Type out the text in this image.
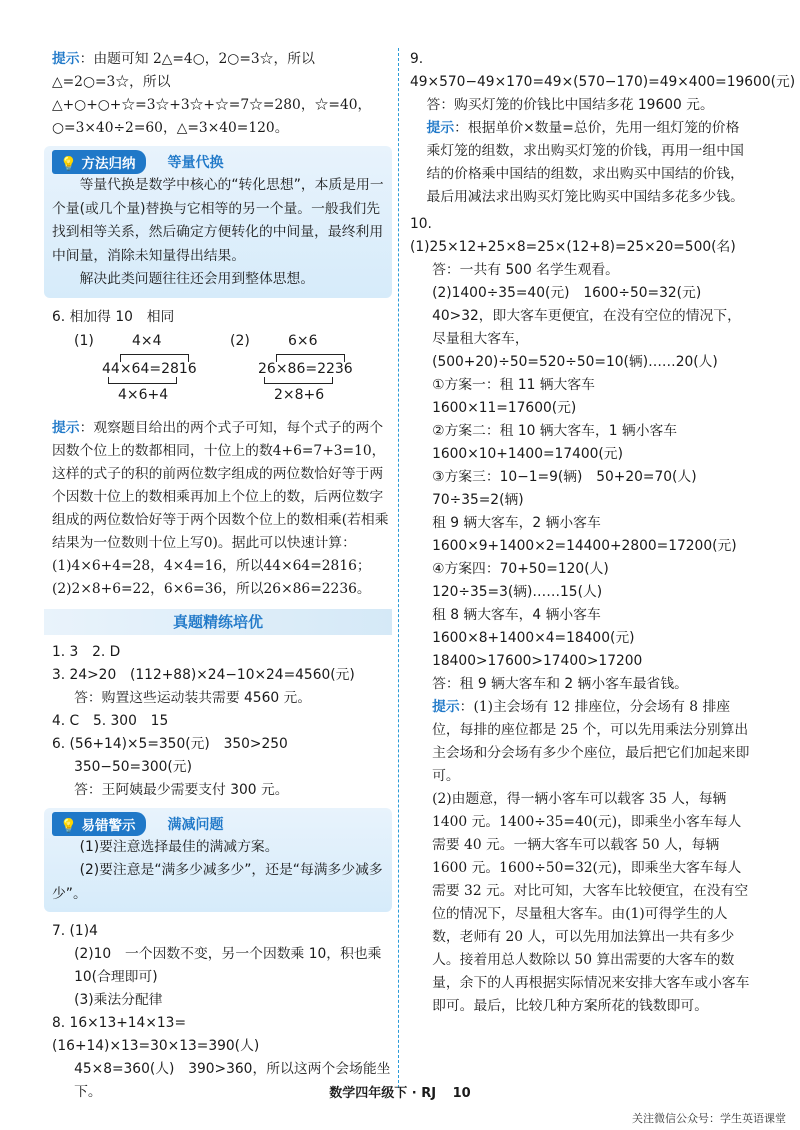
提示：由题可知 2△=4○，2○=3☆，所以△=2○=3☆，所以△+○+○+☆=3☆+3☆+☆=7☆=280，☆=40，○=3×40÷2=60，△=3×40=120。

💡 方法归纳	等量代换

等量代换是数学中核心的“转化思想”，本质是用一个量(或几个量)替换与它相等的另一个量。一般我们先找到相等关系，然后确定方便转化的中间量，最终利用中间量，消除未知量得出结果。

解决此类问题往往还会用到整体思想。

6. 相加得 10　相同

(1)	4×4
44×64=2816
4×6+4
(2)	6×6
26×86=2236
2×8+6

提示：观察题目给出的两个式子可知，每个式子的两个因数个位上的数都相同，十位上的数4+6=7+3=10，这样的式子的积的前两位数字组成的两位数恰好等于两个因数十位上的数相乘再加上个位上的数，后两位数字组成的两位数恰好等于两个因数个位上的数相乘(若相乘结果为一位数则十位上写0)。据此可以快速计算：(1)4×6+4=28，4×4=16，所以44×64=2816；(2)2×8+6=22，6×6=36，所以26×86=2236。

真题精练培优

1. 3　2. D

3. 24>20　(112+88)×24−10×24=4560(元)

答：购置这些运动装共需要 4560 元。

4. C　5. 300　15

6. (56+14)×5=350(元)　350>250

350−50=300(元)

答：王阿姨最少需要支付 300 元。

💡 易错警示	满减问题

(1)要注意选择最佳的满减方案。

(2)要注意是“满多少减多少”，还是“每满多少减多少”。

7. (1)4

(2)10　一个因数不变，另一个因数乘 10，积也乘 10(合理即可)

(3)乘法分配律

8. 16×13+14×13=(16+14)×13=30×13=390(人)

45×8=360(人)　390>360，所以这两个会场能坐下。

9. 49×570−49×170=49×(570−170)=49×400=19600(元)

答：购买灯笼的价钱比中国结多花 19600 元。

提示：根据单价×数量=总价，先用一组灯笼的价格乘灯笼的组数，求出购买灯笼的价钱，再用一组中国结的价格乘中国结的组数，求出购买中国结的价钱，最后用减法求出购买灯笼比购买中国结多花多少钱。

10. (1)25×12+25×8=25×(12+8)=25×20=500(名)

答：一共有 500 名学生观看。

(2)1400÷35=40(元)　1600÷50=32(元)

40>32，即大客车更便宜，在没有空位的情况下，尽量租大客车，(500+20)÷50=520÷50=10(辆)……20(人)

①方案一：租 11 辆大客车

1600×11=17600(元)

②方案二：租 10 辆大客车，1 辆小客车

1600×10+1400=17400(元)

③方案三：10−1=9(辆)　50+20=70(人)

70÷35=2(辆)

租 9 辆大客车，2 辆小客车

1600×9+1400×2=14400+2800=17200(元)

④方案四：70+50=120(人)

120÷35=3(辆)……15(人)

租 8 辆大客车，4 辆小客车　1600×8+1400×4=18400(元)　18400>17600>17400>17200

答：租 9 辆大客车和 2 辆小客车最省钱。

提示：(1)主会场有 12 排座位，分会场有 8 排座位，每排的座位都是 25 个，可以先用乘法分别算出主会场和分会场有多少个座位，最后把它们加起来即可。

(2)由题意，得一辆小客车可以载客 35 人，每辆 1400 元。1400÷35=40(元)，即乘坐小客车每人需要 40 元。一辆大客车可以载客 50 人，每辆 1600 元。1600÷50=32(元)，即乘坐大客车每人需要 32 元。对比可知，大客车比较便宜，在没有空位的情况下，尽量租大客车。由(1)可得学生的人数，老师有 20 人，可以先用加法算出一共有多少人。接着用总人数除以 50 算出需要的大客车的数量，余下的人再根据实际情况来安排大客车或小客车即可。最后，比较几种方案所花的钱数即可。

数学四年级下 · RJ 10
关注微信公众号：学生英语课堂
